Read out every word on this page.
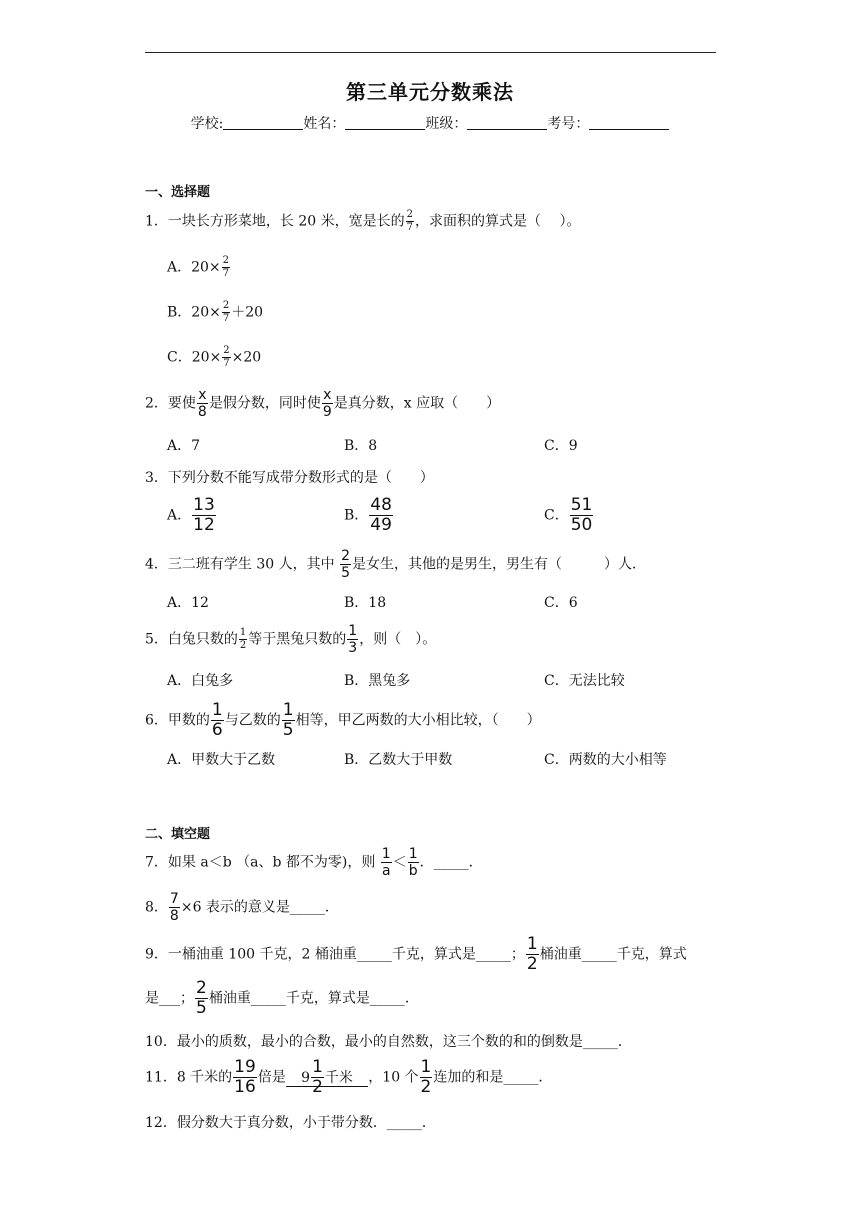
第三单元分数乘法
学校:	姓名：	班级：	考号：
一、选择题
1．一块长方形菜地，长 20 米，宽是长的 $\frac{2}{7}$ ，求面积的算式是（　 ）。
A．$20\times \frac{2}{7}$
B．$20\times \frac{2}{7} +20$
C．$20\times \frac{2}{7} \times 20$
2．要使 $\frac{x}{8}$ 是假分数，同时使 $\frac{x}{9}$ 是真分数，x 应取（　　）
A．7	B．8	C．9
3．下列分数不能写成带分数形式的是（　　）
A． $\frac{13}{12}$	B． $\frac{48}{49}$	C． $\frac{51}{50}$
4．三二班有学生 30 人，其中 $\frac{2}{5}$ 是女生，其他的是男生，男生有（　　　）人．
A．12	B．18	C．6
5．白兔只数的 $\frac{1}{2}$ 等于黑兔只数的 $\frac{1}{3}$ ，则（　）。
A．白兔多	B．黑兔多	C．无法比较
6．甲数的 $\frac{1}{6}$ 与乙数的 $\frac{1}{5}$ 相等，甲乙两数的大小相比较，（　　）
A．甲数大于乙数	B．乙数大于甲数	C．两数的大小相等
二、填空题
7．如果 a＜b （a、b 都不为零)，则 $\frac{1}{a} < \frac{1}{b}$ ．_____．
8． $\frac{7}{8} \times 6$ 表示的意义是_____．
9．一桶油重 100 千克，2 桶油重_____千克，算式是_____； $\frac{1}{2}$ 桶油重_____千克，算式
是___； $\frac{2}{5}$ 桶油重_____千克，算式是_____．
10．最小的质数，最小的合数，最小的自然数，这三个数的和的倒数是_____．
11．8 千米的 $\frac{19}{16}$ 倍是 $9 \frac{1}{2}$ 千米 ，10 个 $\frac{1}{2}$ 连加的和是_____．
12．假分数大于真分数，小于带分数．_____．
